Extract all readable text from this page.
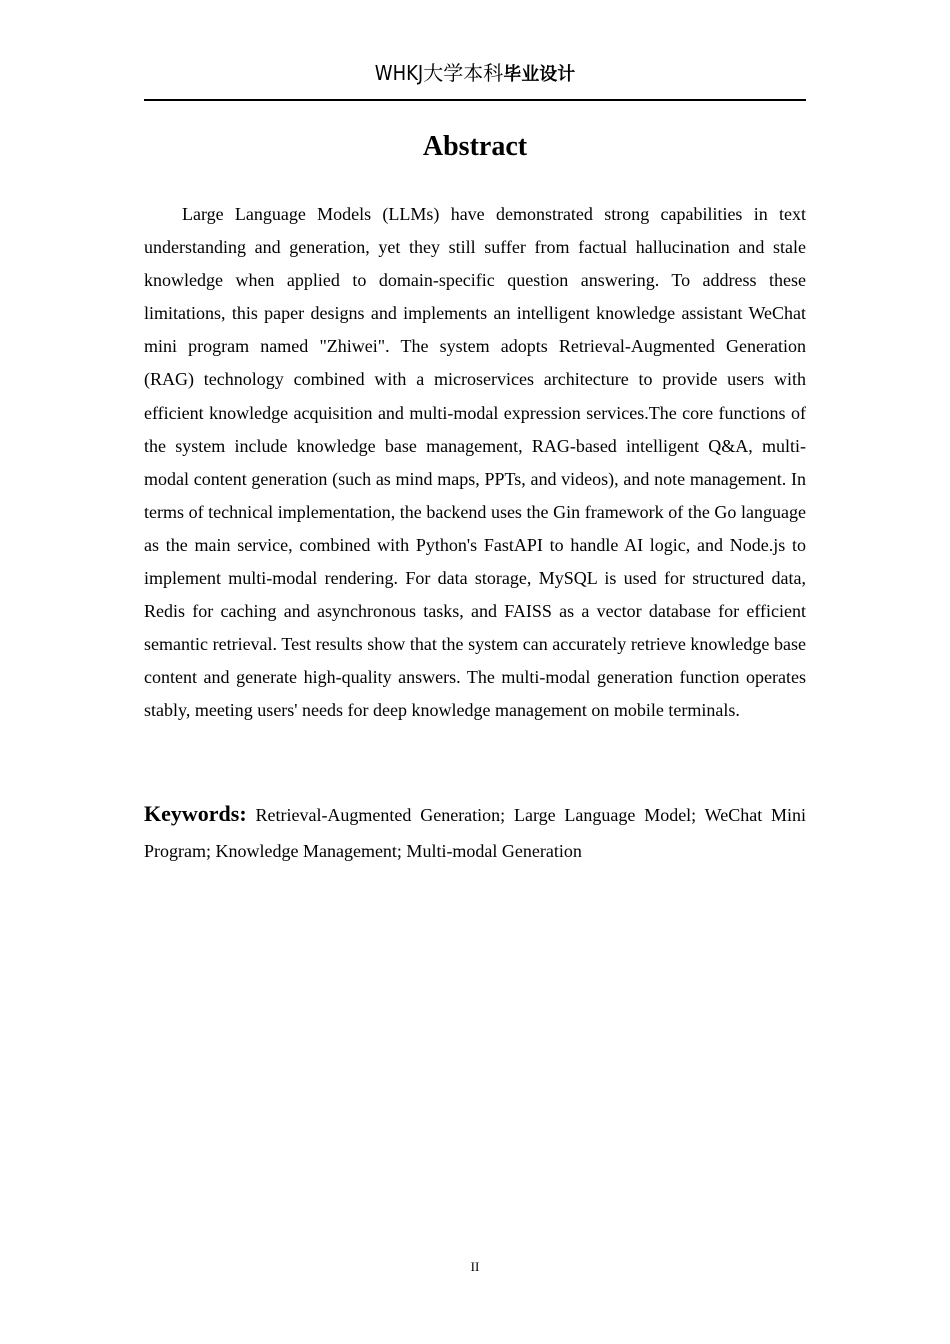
WHKJ大学本科毕业设计
Abstract

Large Language Models (LLMs) have demonstrated strong capabilities in text understanding and generation, yet they still suffer from factual hallucination and stale knowledge when applied to domain-specific question answering. To address these limitations, this paper designs and implements an intelligent knowledge assistant WeChat mini program named "Zhiwei". The system adopts Retrieval-Augmented Generation (RAG) technology combined with a microservices architecture to provide users with efficient knowledge acquisition and multi-modal expression services.The core functions of the system include knowledge base management, RAG-based intelligent Q&A, multi-modal content generation (such as mind maps, PPTs, and videos), and note management. In terms of technical implementation, the backend uses the Gin framework of the Go language as the main service, combined with Python's FastAPI to handle AI logic, and Node.js to implement multi-modal rendering. For data storage, MySQL is used for structured data, Redis for caching and asynchronous tasks, and FAISS as a vector database for efficient semantic retrieval. Test results show that the system can accurately retrieve knowledge base content and generate high-quality answers. The multi-modal generation function operates stably, meeting users' needs for deep knowledge management on mobile terminals.

Keywords: Retrieval-Augmented Generation; Large Language Model; WeChat Mini Program; Knowledge Management; Multi-modal Generation

II
